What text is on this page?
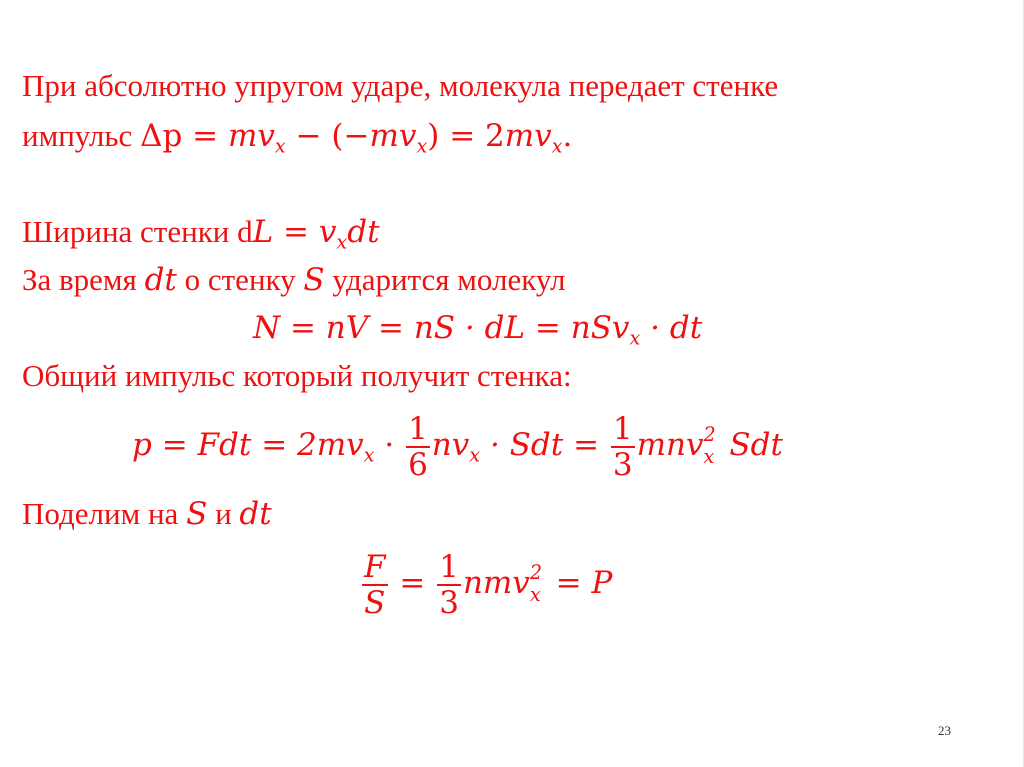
При абсолютно упругом ударе, молекула передает стенке
импульс $\Delta p = mv_x - (-mv_x) = 2mv_x$.
Ширина стенки dL = $v_xdt$
За время dt о стенку S ударится молекул
N = nV = nS · dL = nSv$_x$ · dt
Общий импульс который получит стенка:
p = Fdt = $2mv_x \cdot \frac{1}{6} nv_x$ · Sdt = $\frac{1}{3}$ mnv 2
x Sdt
Поделим на S и dt
$\frac{F}{S} = \frac{1}{3}$ nmv 2
x = P
23
